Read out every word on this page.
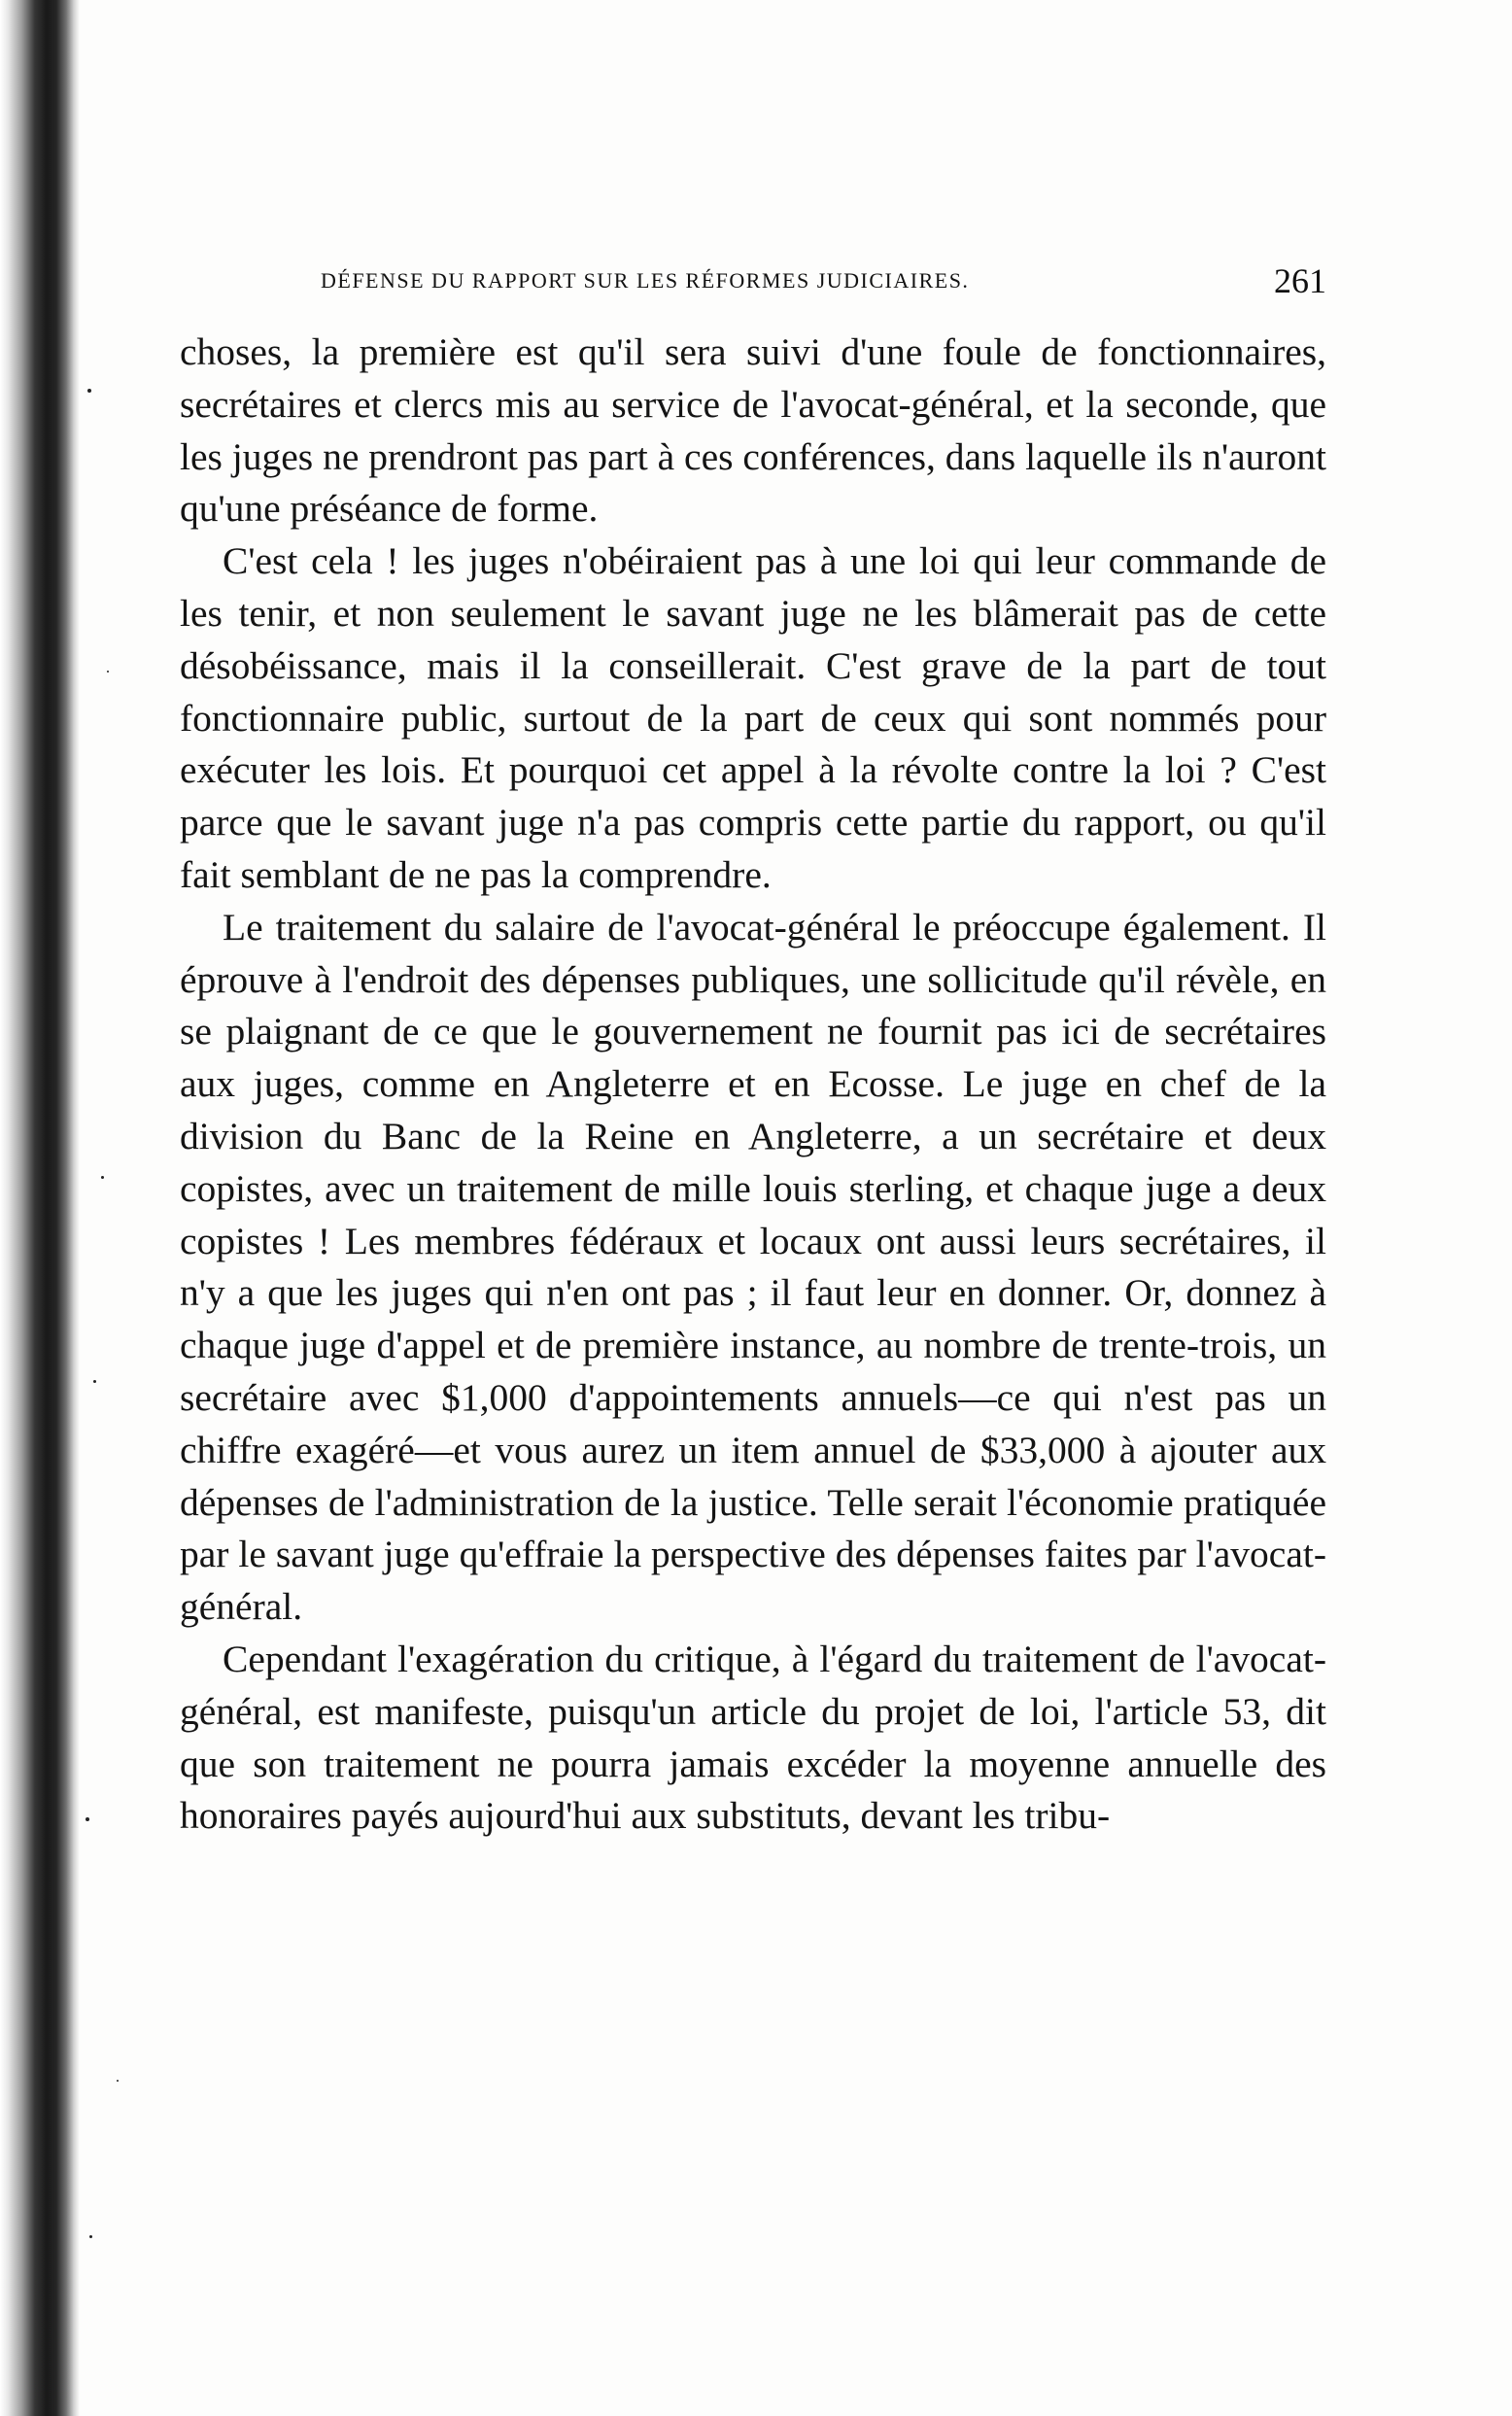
DÉFENSE DU RAPPORT SUR LES RÉFORMES JUDICIAIRES.	261

choses, la première est qu'il sera suivi d'une foule de fonctionnaires, secrétaires et clercs mis au service de l'avocat-général, et la seconde, que les juges ne prendront pas part à ces conférences, dans laquelle ils n'auront qu'une préséance de forme.

C'est cela ! les juges n'obéiraient pas à une loi qui leur commande de les tenir, et non seulement le savant juge ne les blâmerait pas de cette désobéissance, mais il la conseillerait. C'est grave de la part de tout fonctionnaire public, surtout de la part de ceux qui sont nommés pour exécuter les lois. Et pourquoi cet appel à la révolte contre la loi ? C'est parce que le savant juge n'a pas compris cette partie du rapport, ou qu'il fait semblant de ne pas la comprendre.

Le traitement du salaire de l'avocat-général le préoccupe également. Il éprouve à l'endroit des dépenses publiques, une sollicitude qu'il révèle, en se plaignant de ce que le gouvernement ne fournit pas ici de secrétaires aux juges, comme en Angleterre et en Ecosse. Le juge en chef de la division du Banc de la Reine en Angleterre, a un secrétaire et deux copistes, avec un traitement de mille louis sterling, et chaque juge a deux copistes ! Les membres fédéraux et locaux ont aussi leurs secrétaires, il n'y a que les juges qui n'en ont pas ; il faut leur en donner. Or, donnez à chaque juge d'appel et de première instance, au nombre de trente-trois, un secrétaire avec $1,000 d'appointements annuels—ce qui n'est pas un chiffre exagéré—et vous aurez un item annuel de $33,000 à ajouter aux dépenses de l'administration de la justice. Telle serait l'économie pratiquée par le savant juge qu'effraie la perspective des dépenses faites par l'avocat-général.

Cependant l'exagération du critique, à l'égard du traitement de l'avocat-général, est manifeste, puisqu'un article du projet de loi, l'article 53, dit que son traitement ne pourra jamais excéder la moyenne annuelle des honoraires payés aujourd'hui aux substituts, devant les tribu-
